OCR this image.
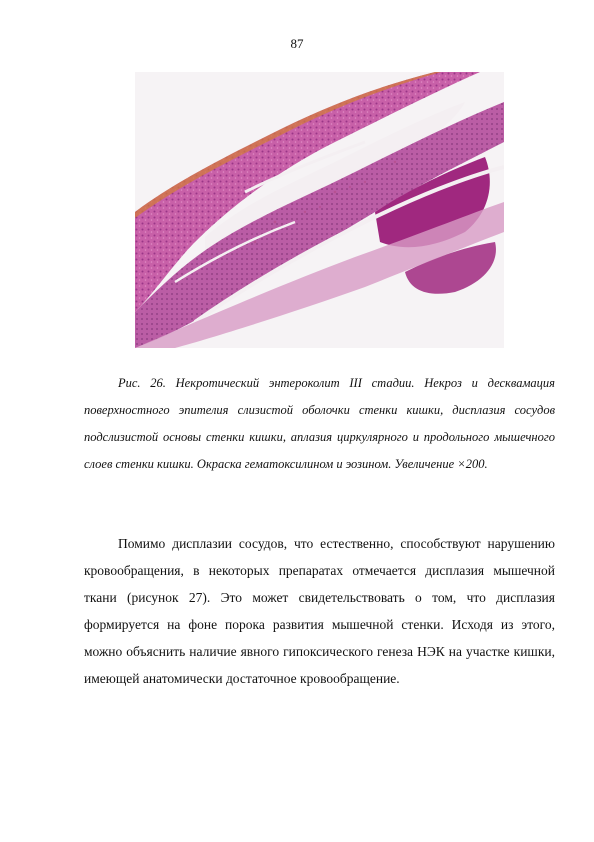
87
Рис. 26. Некротический энтероколит III стадии. Некроз и десквамация поверхностного эпителия слизистой оболочки стенки кишки, дисплазия сосудов подслизистой основы стенки кишки, аплазия циркулярного и продольного мышечного слоев стенки кишки. Окраска гематоксилином и эозином. Увеличение ×200.
Помимо дисплазии сосудов, что естественно, способствуют нарушению кровообращения, в некоторых препаратах отмечается дисплазия мышечной ткани (рисунок 27). Это может свидетельствовать о том, что дисплазия формируется на фоне порока развития мышечной стенки. Исходя из этого, можно объяснить наличие явного гипоксического генеза НЭК на участке кишки, имеющей анатомически достаточное кровообращение.
